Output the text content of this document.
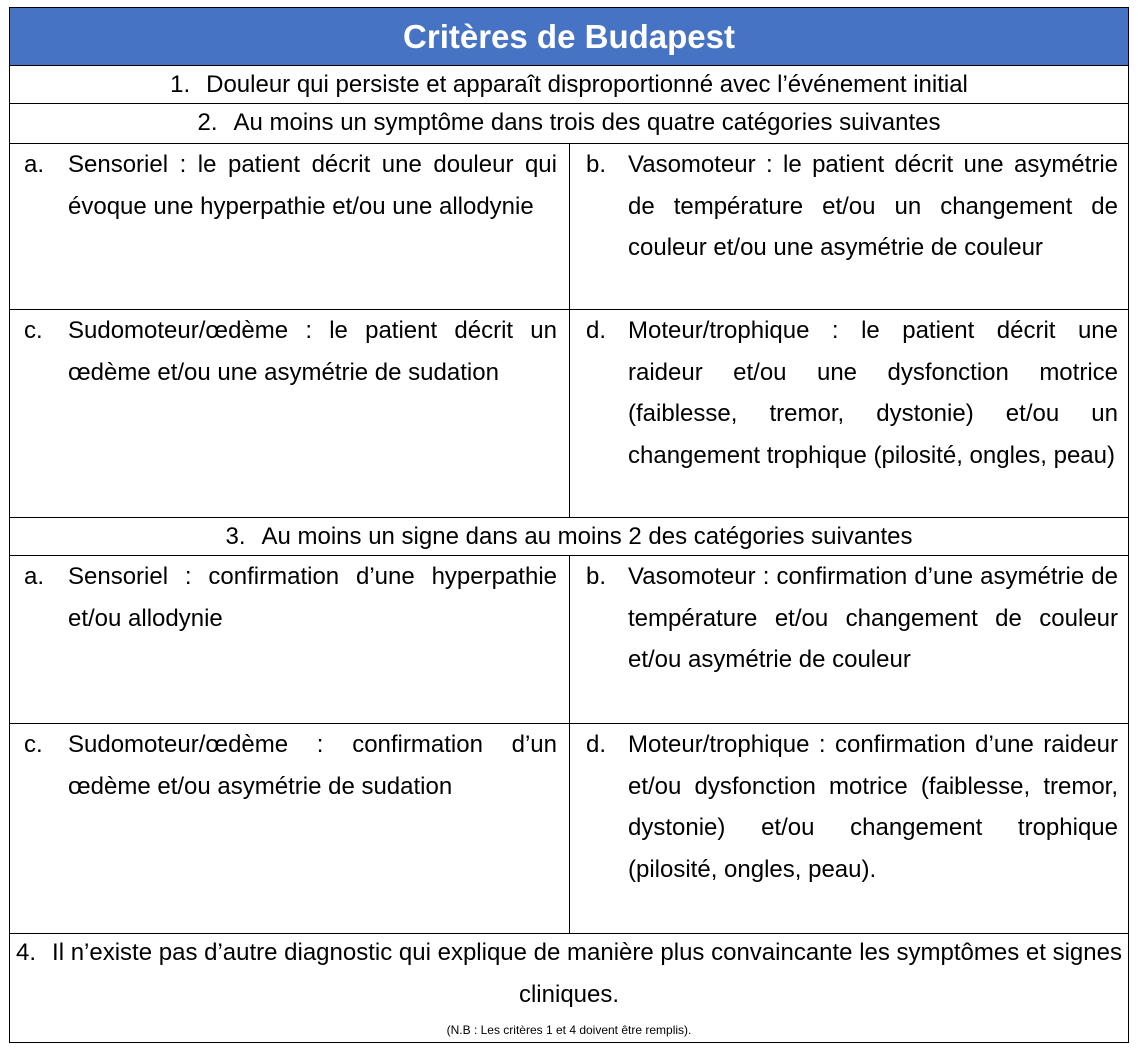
Critères de Budapest
1. Douleur qui persiste et apparaît disproportionné avec l’événement initial
2. Au moins un symptôme dans trois des quatre catégories suivantes
a. Sensoriel : le patient décrit une douleur qui évoque une hyperpathie et/ou une allodynie
b. Vasomoteur : le patient décrit une asymétrie de température et/ou un changement de couleur et/ou une asymétrie de couleur
c. Sudomoteur/œdème : le patient décrit un œdème et/ou une asymétrie de sudation
d. Moteur/trophique : le patient décrit une raideur et/ou une dysfonction motrice (faiblesse, tremor, dystonie) et/ou un changement trophique (pilosité, ongles, peau)
3. Au moins un signe dans au moins 2 des catégories suivantes
a. Sensoriel : confirmation d’une hyperpathie et/ou allodynie
b. Vasomoteur : confirmation d’une asymétrie de température et/ou changement de couleur et/ou asymétrie de couleur
c. Sudomoteur/œdème : confirmation d’un œdème et/ou asymétrie de sudation
d. Moteur/trophique : confirmation d’une raideur et/ou dysfonction motrice (faiblesse, tremor, dystonie) et/ou changement trophique (pilosité, ongles, peau).
4. Il n’existe pas d’autre diagnostic qui explique de manière plus convaincante les symptômes et signes cliniques.
(N.B : Les critères 1 et 4 doivent être remplis).
